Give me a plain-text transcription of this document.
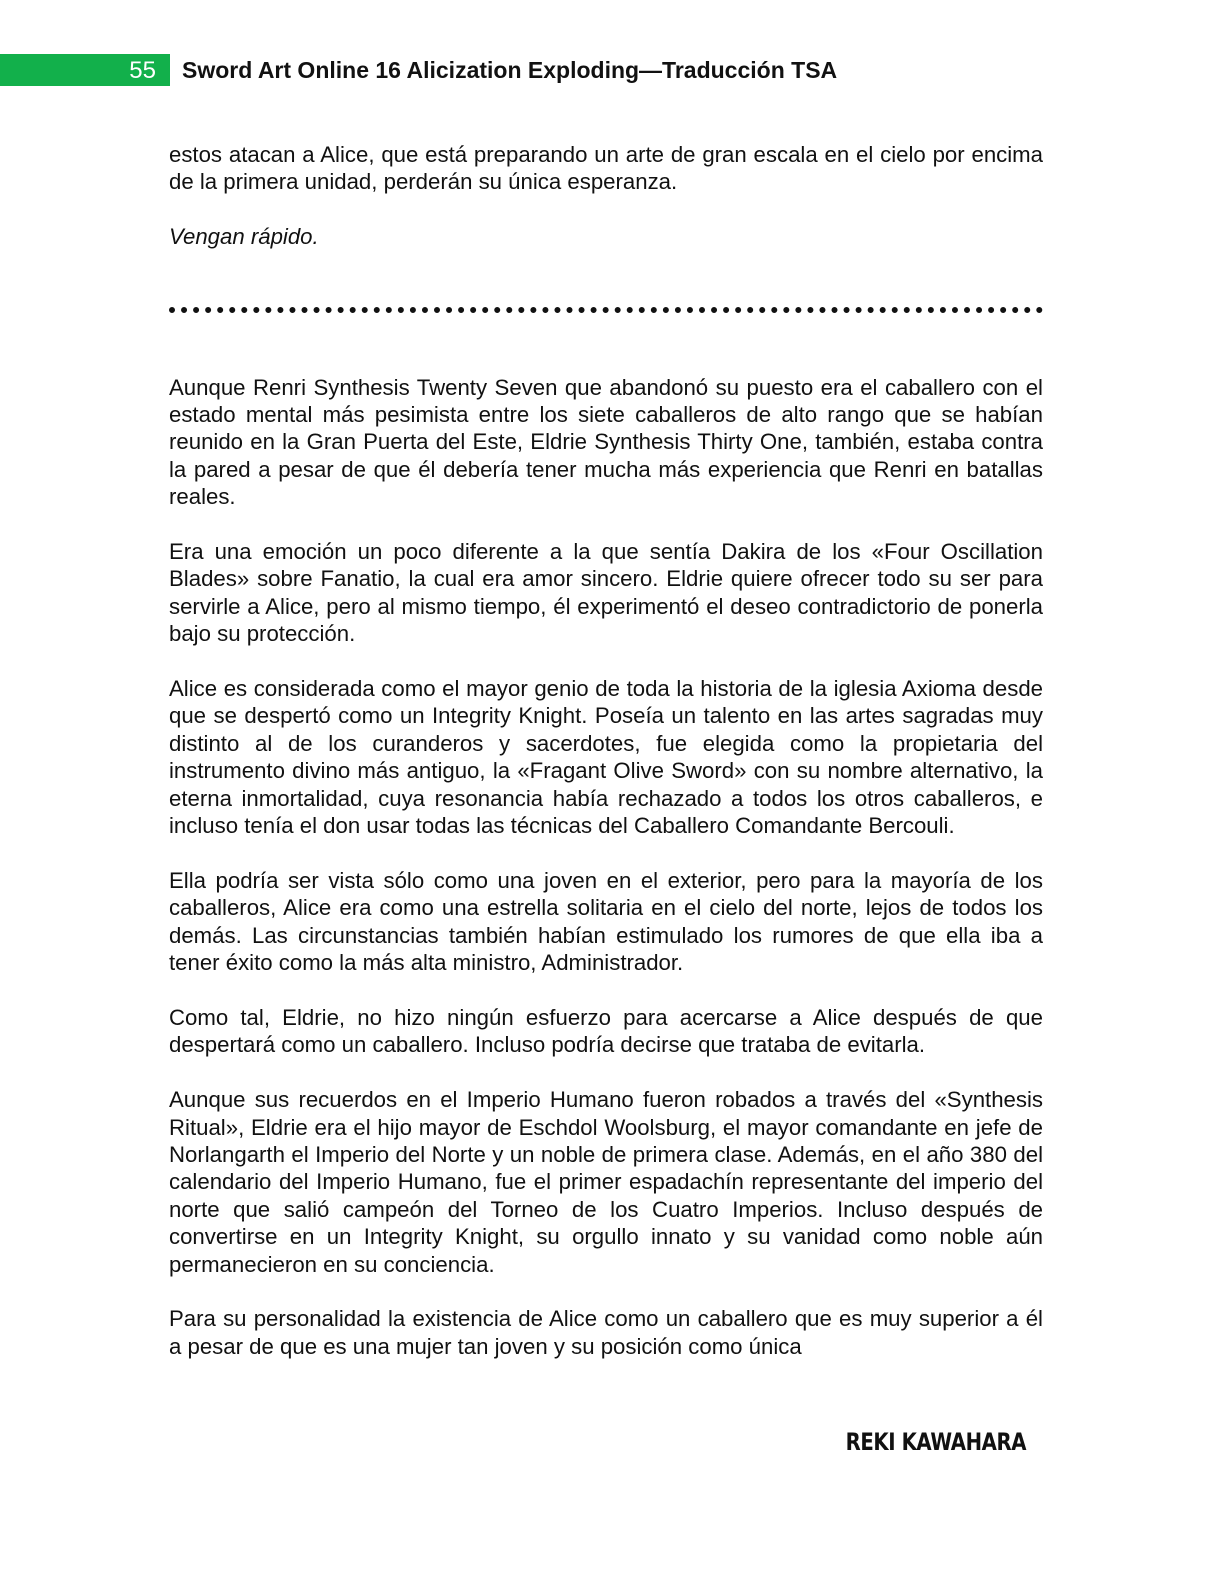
55 Sword Art Online 16 Alicization Exploding—Traducción TSA

estos atacan a Alice, que está preparando un arte de gran escala en el cielo por encima de la primera unidad, perderán su única esperanza.

Vengan rápido.

Aunque Renri Synthesis Twenty Seven que abandonó su puesto era el caballero con el estado mental más pesimista entre los siete caballeros de alto rango que se habían reunido en la Gran Puerta del Este, Eldrie Synthesis Thirty One, también, estaba contra la pared a pesar de que él debería tener mucha más experiencia que Renri en batallas reales.

Era una emoción un poco diferente a la que sentía Dakira de los «Four Oscillation Blades» sobre Fanatio, la cual era amor sincero. Eldrie quiere ofrecer todo su ser para servirle a Alice, pero al mismo tiempo, él experimentó el deseo contradictorio de ponerla bajo su protección.

Alice es considerada como el mayor genio de toda la historia de la iglesia Axioma desde que se despertó como un Integrity Knight. Poseía un talento en las artes sagradas muy distinto al de los curanderos y sacerdotes, fue elegida como la propietaria del instrumento divino más antiguo, la «Fragant Olive Sword» con su nombre alternativo, la eterna inmortalidad, cuya resonancia había rechazado a todos los otros caballeros, e incluso tenía el don usar todas las técnicas del Caballero Comandante Bercouli.

Ella podría ser vista sólo como una joven en el exterior, pero para la mayoría de los caballeros, Alice era como una estrella solitaria en el cielo del norte, lejos de todos los demás. Las circunstancias también habían estimulado los rumores de que ella iba a tener éxito como la más alta ministro, Administrador.

Como tal, Eldrie, no hizo ningún esfuerzo para acercarse a Alice después de que despertará como un caballero. Incluso podría decirse que trataba de evitarla.

Aunque sus recuerdos en el Imperio Humano fueron robados a través del «Synthesis Ritual», Eldrie era el hijo mayor de Eschdol Woolsburg, el mayor comandante en jefe de Norlangarth el Imperio del Norte y un noble de primera clase. Además, en el año 380 del calendario del Imperio Humano, fue el primer espadachín representante del imperio del norte que salió campeón del Torneo de los Cuatro Imperios. Incluso después de convertirse en un Integrity Knight, su orgullo innato y su vanidad como noble aún permanecieron en su conciencia.

Para su personalidad la existencia de Alice como un caballero que es muy superior a él a pesar de que es una mujer tan joven y su posición como única

REKI KAWAHARA
